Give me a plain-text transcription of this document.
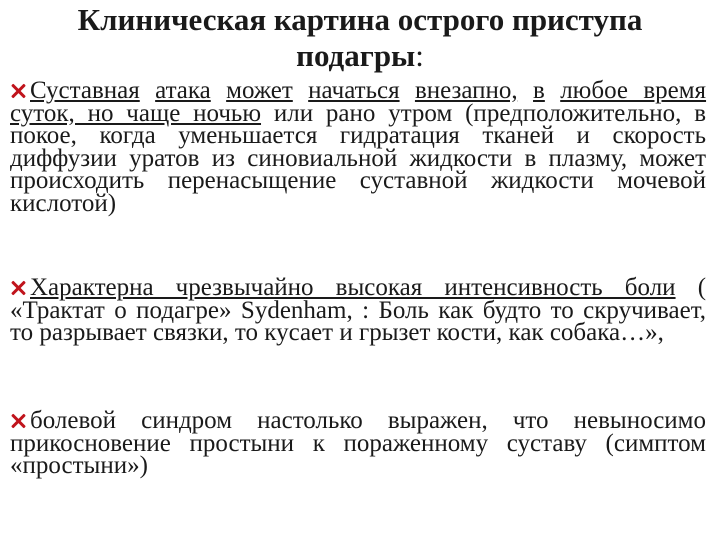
Клиническая картина острого приступа подагры:
Суставная атака может начаться внезапно, в любое время суток, но чаще ночью или рано утром (предположительно, в покое, когда уменьшается гидратация тканей и скорость диффузии уратов из синовиальной жидкости в плазму, может происходить перенасыщение суставной жидкости мочевой кислотой)
Характерна чрезвычайно высокая интенсивность боли ( «Трактат о подагре» Sydenham, : Боль как будто то скручивает, то разрывает связки, то кусает и грызет кости, как собака…»,
болевой синдром настолько выражен, что невыносимо прикосновение простыни к пораженному суставу (симптом «простыни»)
